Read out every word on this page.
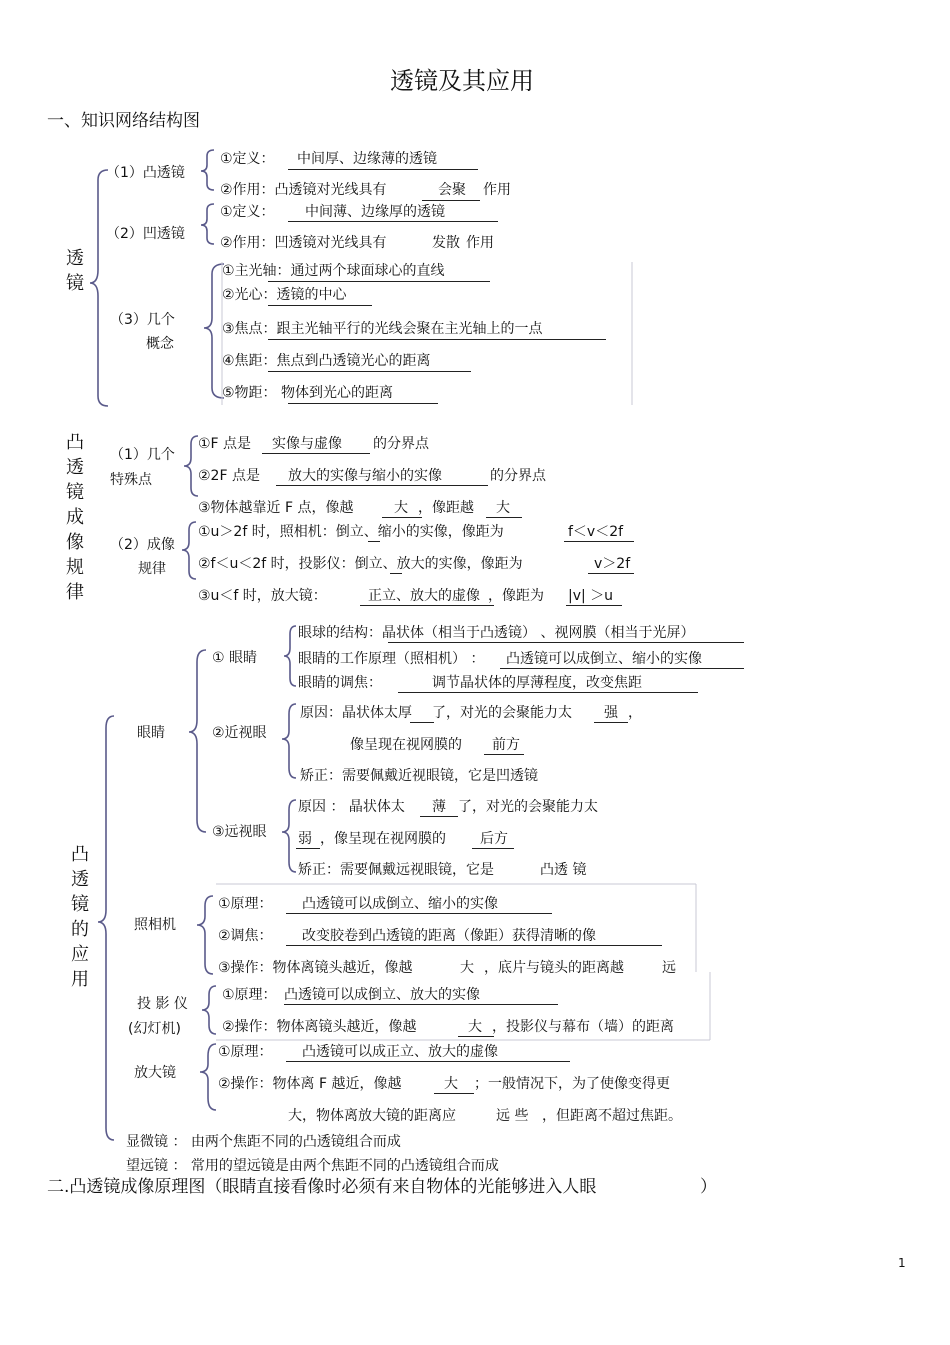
透镜及其应用
一、知识网络结构图
透 镜
（1）凸透镜
①定义： 中间厚、边缘薄的透镜
②作用：凸透镜对光线具有	会聚 作用
（2）凹透镜
①定义： 中间薄、边缘厚的透镜
②作用：凹透镜对光线具有	发散 作用
（3）几个
概念
①主光轴：通过两个球面球心的直线
②光心：透镜的中心
③焦点：跟主光轴平行的光线会聚在主光轴上的一点
④焦距：焦点到凸透镜光心的距离
⑤物距： 物体到光心的距离
凸 透 镜 成 像 规 律
（1）几个
特殊点
①F 点是 实像与虚像 的分界点
②2F 点是 放大的实像与缩小的实像	的分界点
③物体越靠近 F 点，像越	大 ，像距越 大
（2）成像
规律
①u＞2f 时，照相机：倒立、缩小的实像，像距为	f＜v＜2f
②f＜u＜2f 时，投影仪：倒立、放大的实像，像距为	v＞2f
③u＜f 时，放大镜：	正立、放大的虚像 ，像距为 |v| ＞u
凸 透 镜 的 应 用
眼睛
① 眼睛
眼球的结构：晶状体（相当于凸透镜） 、视网膜（相当于光屏）
眼睛的工作原理（照相机） ： 凸透镜可以成倒立、缩小的实像
眼睛的调焦：	调节晶状体的厚薄程度，改变焦距
②近视眼
原因：晶状体太厚 了，对光的会聚能力太 强 ，
像呈现在视网膜的 前方
矫正：需要佩戴近视眼镜，它是凹透镜
③远视眼
原因 ： 晶状体太 薄 了，对光的会聚能力太
弱 ，像呈现在视网膜的 后方
矫正：需要佩戴远视眼镜，它是	凸透 镜
照相机
①原理： 凸透镜可以成倒立、缩小的实像
②调焦： 改变胶卷到凸透镜的距离（像距）获得清晰的像
③操作：物体离镜头越近，像越	大 ，底片与镜头的距离越	远
投 影 仪
(幻灯机)
①原理： 凸透镜可以成倒立、放大的实像
②操作：物体离镜头越近，像越	大 ，投影仪与幕布（墙）的距离
放大镜
①原理： 凸透镜可以成正立、放大的虚像
②操作：物体离 F 越近，像越	大 ；一般情况下，为了使像变得更
大，物体离放大镜的距离应	远 些 ，但距离不超过焦距。
显微镜 ： 由两个焦距不同的凸透镜组合而成
望远镜 ： 常用的望远镜是由两个焦距不同的凸透镜组合而成
二.凸透镜成像原理图（眼睛直接看像时必须有来自物体的光能够进入人眼	）
1
